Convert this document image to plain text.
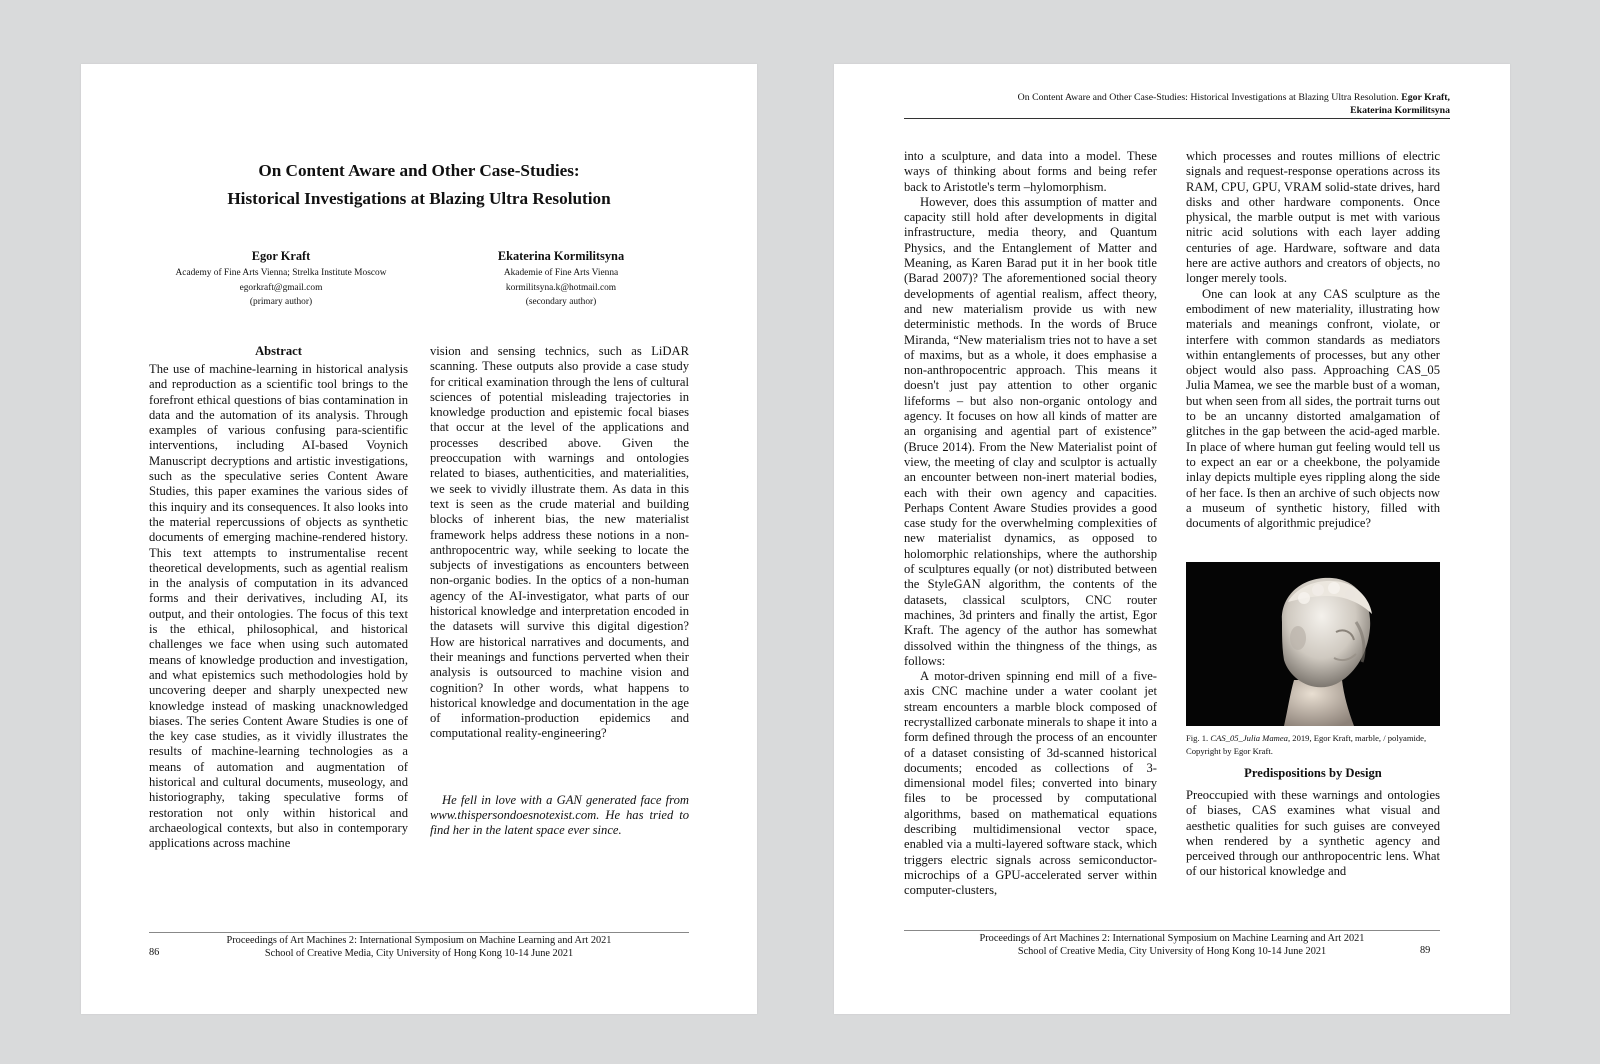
On Content Aware and Other Case-Studies:
Historical Investigations at Blazing Ultra Resolution
Egor Kraft
Academy of Fine Arts Vienna; Strelka Institute Moscow
egorkraft@gmail.com
(primary author)
Ekaterina Kormilitsyna
Akademie of Fine Arts Vienna
kormilitsyna.k@hotmail.com
(secondary author)
Abstract

The use of machine-learning in historical analysis and reproduction as a scientific tool brings to the forefront ethical questions of bias contamination in data and the automation of its analysis. Through examples of various confusing para-scientific interventions, including AI-based Voynich Manuscript decryptions and artistic investigations, such as the speculative series Content Aware Studies, this paper examines the various sides of this inquiry and its consequences. It also looks into the material repercussions of objects as synthetic documents of emerging machine-rendered history. This text attempts to instrumentalise recent theoretical developments, such as agential realism in the analysis of computation in its advanced forms and their derivatives, including AI, its output, and their ontologies. The focus of this text is the ethical, philosophical, and historical challenges we face when using such automated means of knowledge production and investigation, and what epistemics such methodologies hold by uncovering deeper and sharply unexpected new knowledge instead of masking unacknowledged biases. The series Content Aware Studies is one of the key case studies, as it vividly illustrates the results of machine-learning technologies as a means of automation and augmentation of historical and cultural documents, museology, and historiography, taking speculative forms of restoration not only within historical and archaeological contexts, but also in contemporary applications across machine

vision and sensing technics, such as LiDAR scanning. These outputs also provide a case study for critical examination through the lens of cultural sciences of potential misleading trajectories in knowledge production and epistemic focal biases that occur at the level of the applications and processes described above. Given the preoccupation with warnings and ontologies related to biases, authenticities, and materialities, we seek to vividly illustrate them. As data in this text is seen as the crude material and building blocks of inherent bias, the new materialist framework helps address these notions in a non-anthropocentric way, while seeking to locate the subjects of investigations as encounters between non-organic bodies. In the optics of a non-human agency of the AI-investigator, what parts of our historical knowledge and interpretation encoded in the datasets will survive this digital digestion? How are historical narratives and documents, and their meanings and functions perverted when their analysis is outsourced to machine vision and cognition? In other words, what happens to historical knowledge and documentation in the age of information-production epidemics and computational reality-engineering?

He fell in love with a GAN generated face from www.thispersondoesnotexist.com. He has tried to find her in the latent space ever since.

Proceedings of Art Machines 2: International Symposium on Machine Learning and Art 2021
School of Creative Media, City University of Hong Kong 10-14 June 2021
86
On Content Aware and Other Case-Studies: Historical Investigations at Blazing Ultra Resolution. Egor Kraft,
Ekaterina Kormilitsyna

into a sculpture, and data into a model. These ways of thinking about forms and being refer back to Aristotle's term –hylomorphism.

However, does this assumption of matter and capacity still hold after developments in digital infrastructure, media theory, and Quantum Physics, and the Entanglement of Matter and Meaning, as Karen Barad put it in her book title (Barad 2007)? The aforementioned social theory developments of agential realism, affect theory, and new materialism provide us with new deterministic methods. In the words of Bruce Miranda, “New materialism tries not to have a set of maxims, but as a whole, it does emphasise a non-anthropocentric approach. This means it doesn't just pay attention to other organic lifeforms – but also non-organic ontology and agency. It focuses on how all kinds of matter are an organising and agential part of existence” (Bruce 2014). From the New Materialist point of view, the meeting of clay and sculptor is actually an encounter between non-inert material bodies, each with their own agency and capacities. Perhaps Content Aware Studies provides a good case study for the overwhelming complexities of new materialist dynamics, as opposed to holomorphic relationships, where the authorship of sculptures equally (or not) distributed between the StyleGAN algorithm, the contents of the datasets, classical sculptors, CNC router machines, 3d printers and finally the artist, Egor Kraft. The agency of the author has somewhat dissolved within the thingness of the things, as follows:

A motor-driven spinning end mill of a five-axis CNC machine under a water coolant jet stream encounters a marble block composed of recrystallized carbonate minerals to shape it into a form defined through the process of an encounter of a dataset consisting of 3d-scanned historical documents; encoded as collections of 3-dimensional model files; converted into binary files to be processed by computational algorithms, based on mathematical equations describing multidimensional vector space, enabled via a multi-layered software stack, which triggers electric signals across semiconductor-microchips of a GPU-accelerated server within computer-clusters,

which processes and routes millions of electric signals and request-response operations across its RAM, CPU, GPU, VRAM solid-state drives, hard disks and other hardware components. Once physical, the marble output is met with various nitric acid solutions with each layer adding centuries of age. Hardware, software and data here are active authors and creators of objects, no longer merely tools.

One can look at any CAS sculpture as the embodiment of new materiality, illustrating how materials and meanings confront, violate, or interfere with common standards as mediators within entanglements of processes, but any other object would also pass. Approaching CAS_05 Julia Mamea, we see the marble bust of a woman, but when seen from all sides, the portrait turns out to be an uncanny distorted amalgamation of glitches in the gap between the acid-aged marble. In place of where human gut feeling would tell us to expect an ear or a cheekbone, the polyamide inlay depicts multiple eyes rippling along the side of her face. Is then an archive of such objects now a museum of synthetic history, filled with documents of algorithmic prejudice?

Fig. 1. CAS_05_Julia Mamea, 2019, Egor Kraft, marble, / polyamide, Copyright by Egor Kraft.
Predispositions by Design

Preoccupied with these warnings and ontologies of biases, CAS examines what visual and aesthetic qualities for such guises are conveyed when rendered by a synthetic agency and perceived through our anthropocentric lens. What of our historical knowledge and

Proceedings of Art Machines 2: International Symposium on Machine Learning and Art 2021
School of Creative Media, City University of Hong Kong 10-14 June 2021	89
